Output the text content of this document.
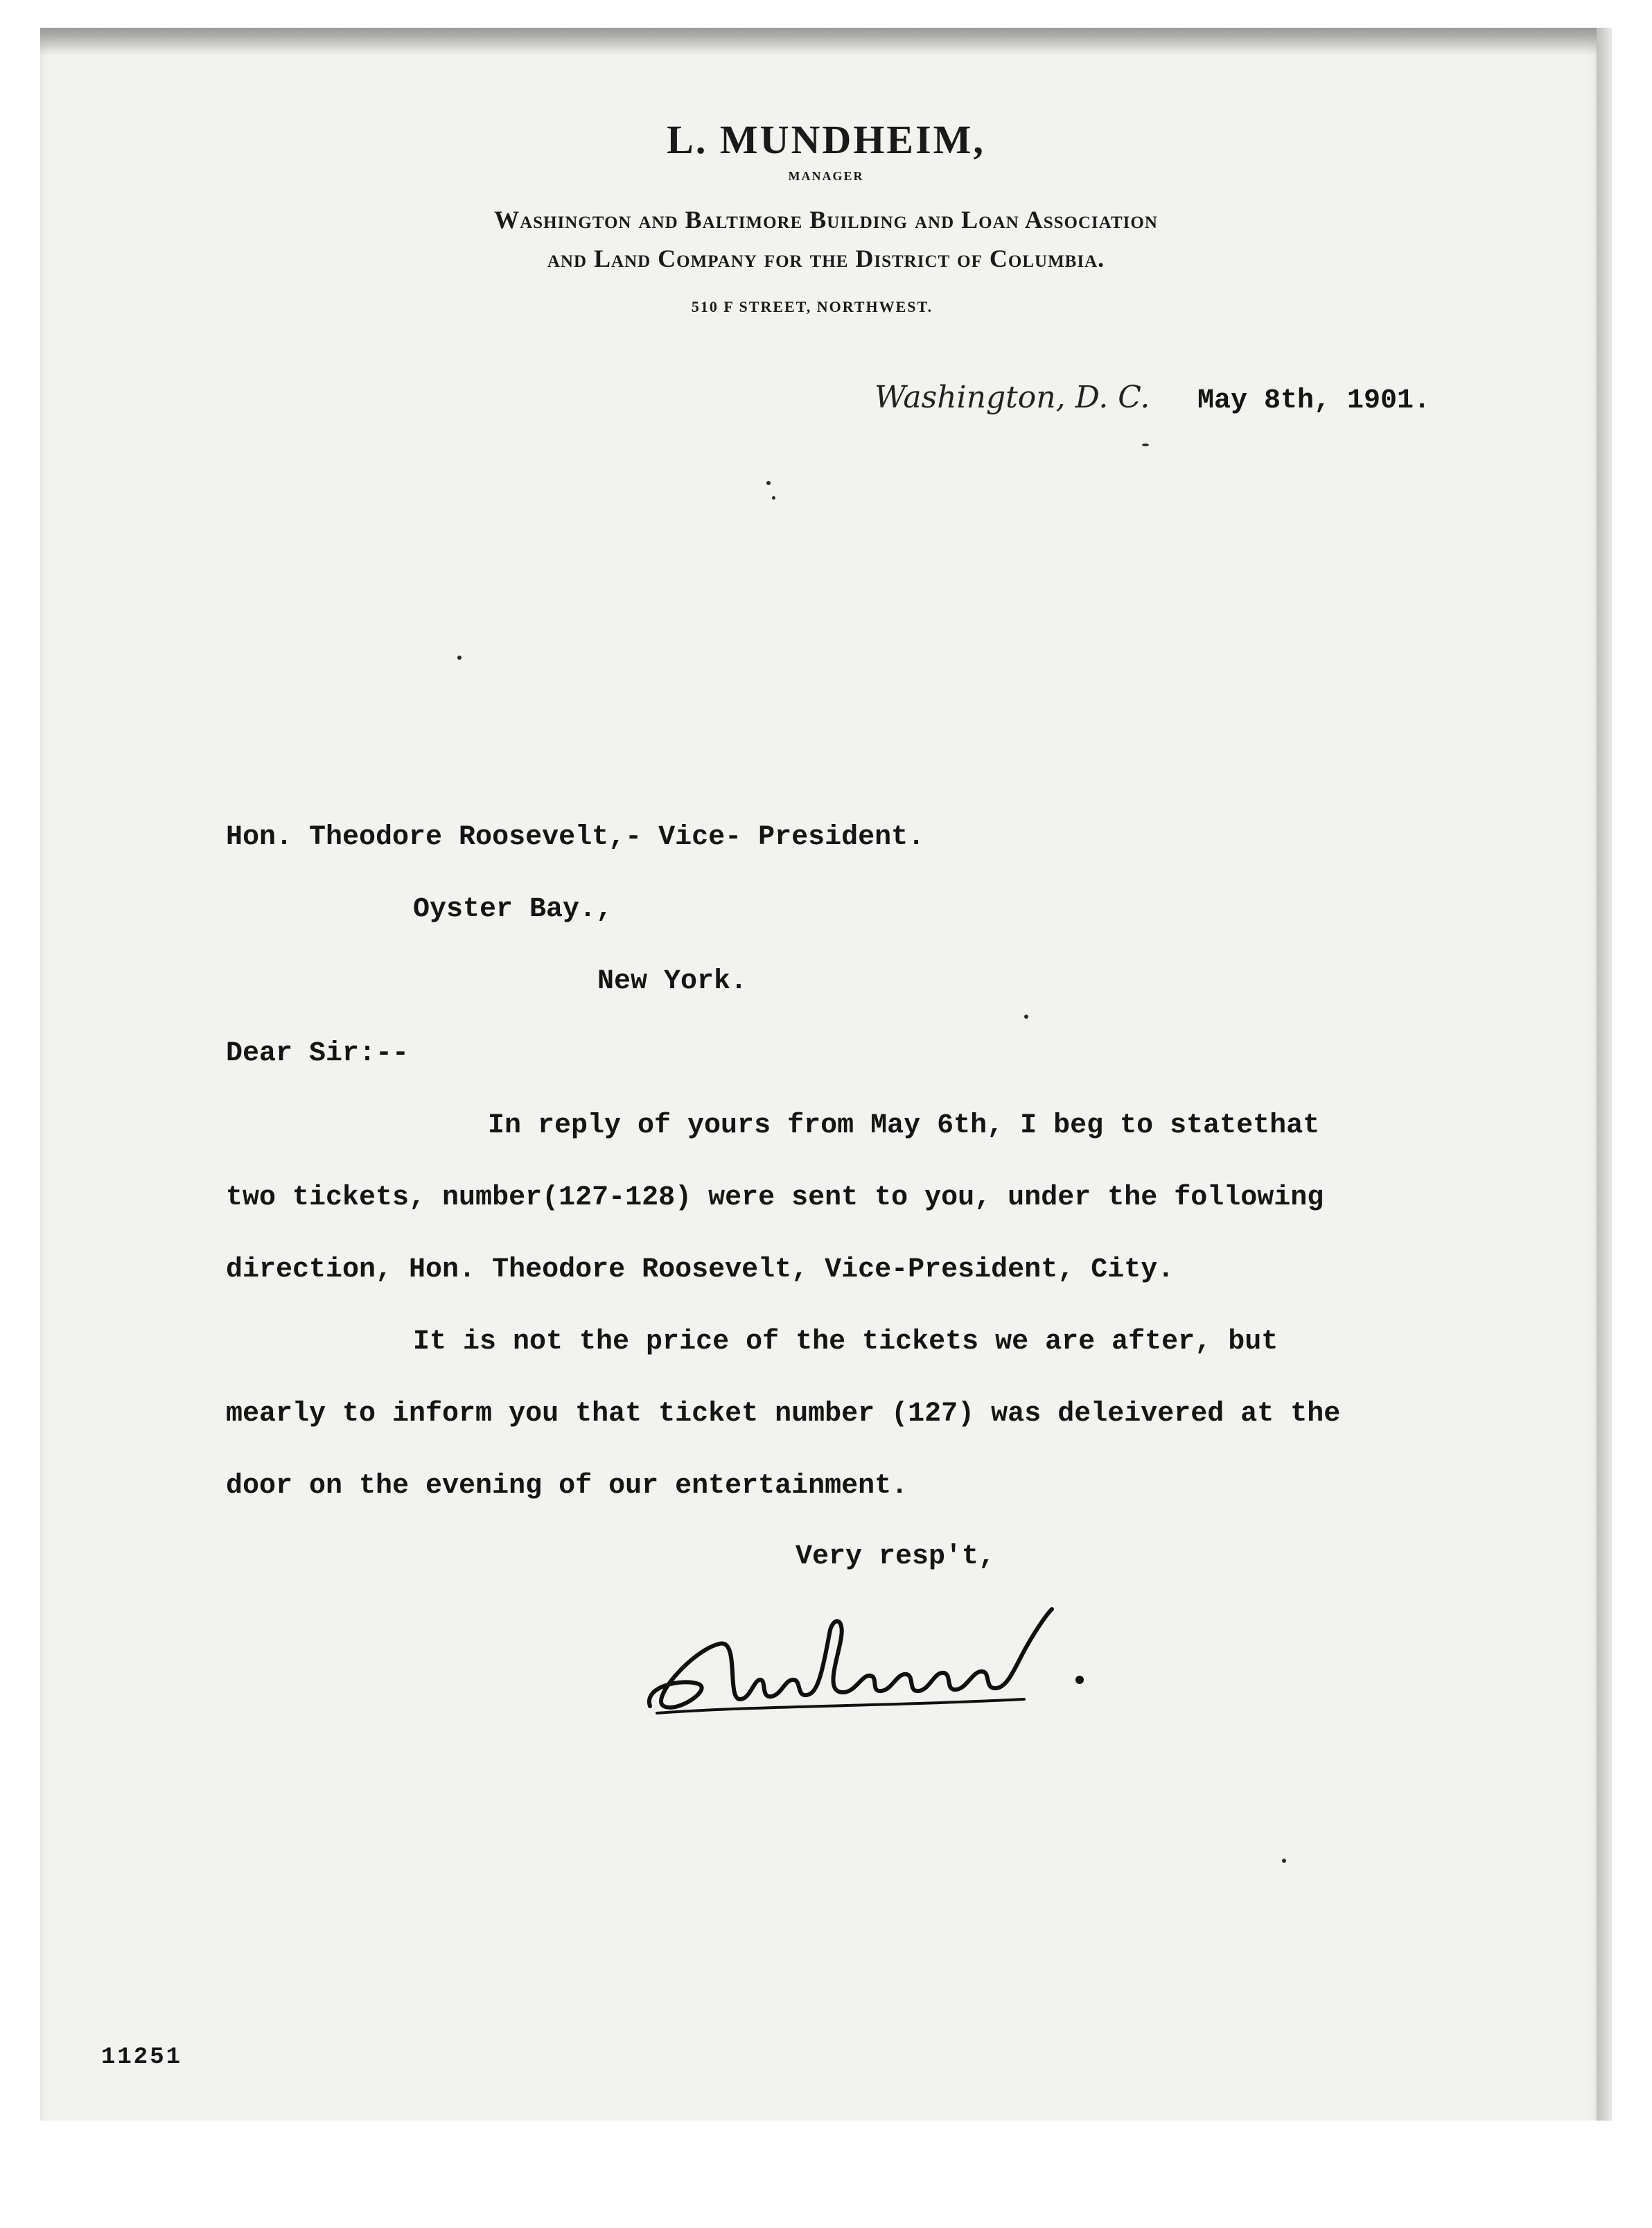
L. MUNDHEIM,
MANAGER
Washington and Baltimore Building and Loan Association
and Land Company for the District of Columbia.
510 F STREET, NORTHWEST.
Washington, D. C. May 8th, 1901.
Hon. Theodore Roosevelt,- Vice- President.
Oyster Bay.,
New York.
Dear Sir:--
In reply of yours from May 6th, I beg to statethat
two tickets, number(127-128) were sent to you, under the following
direction, Hon. Theodore Roosevelt, Vice-President, City.
It is not the price of the tickets we are after, but
mearly to inform you that ticket number (127) was deleivered at the
door on the evening of our entertainment.
Very resp't,
11251
